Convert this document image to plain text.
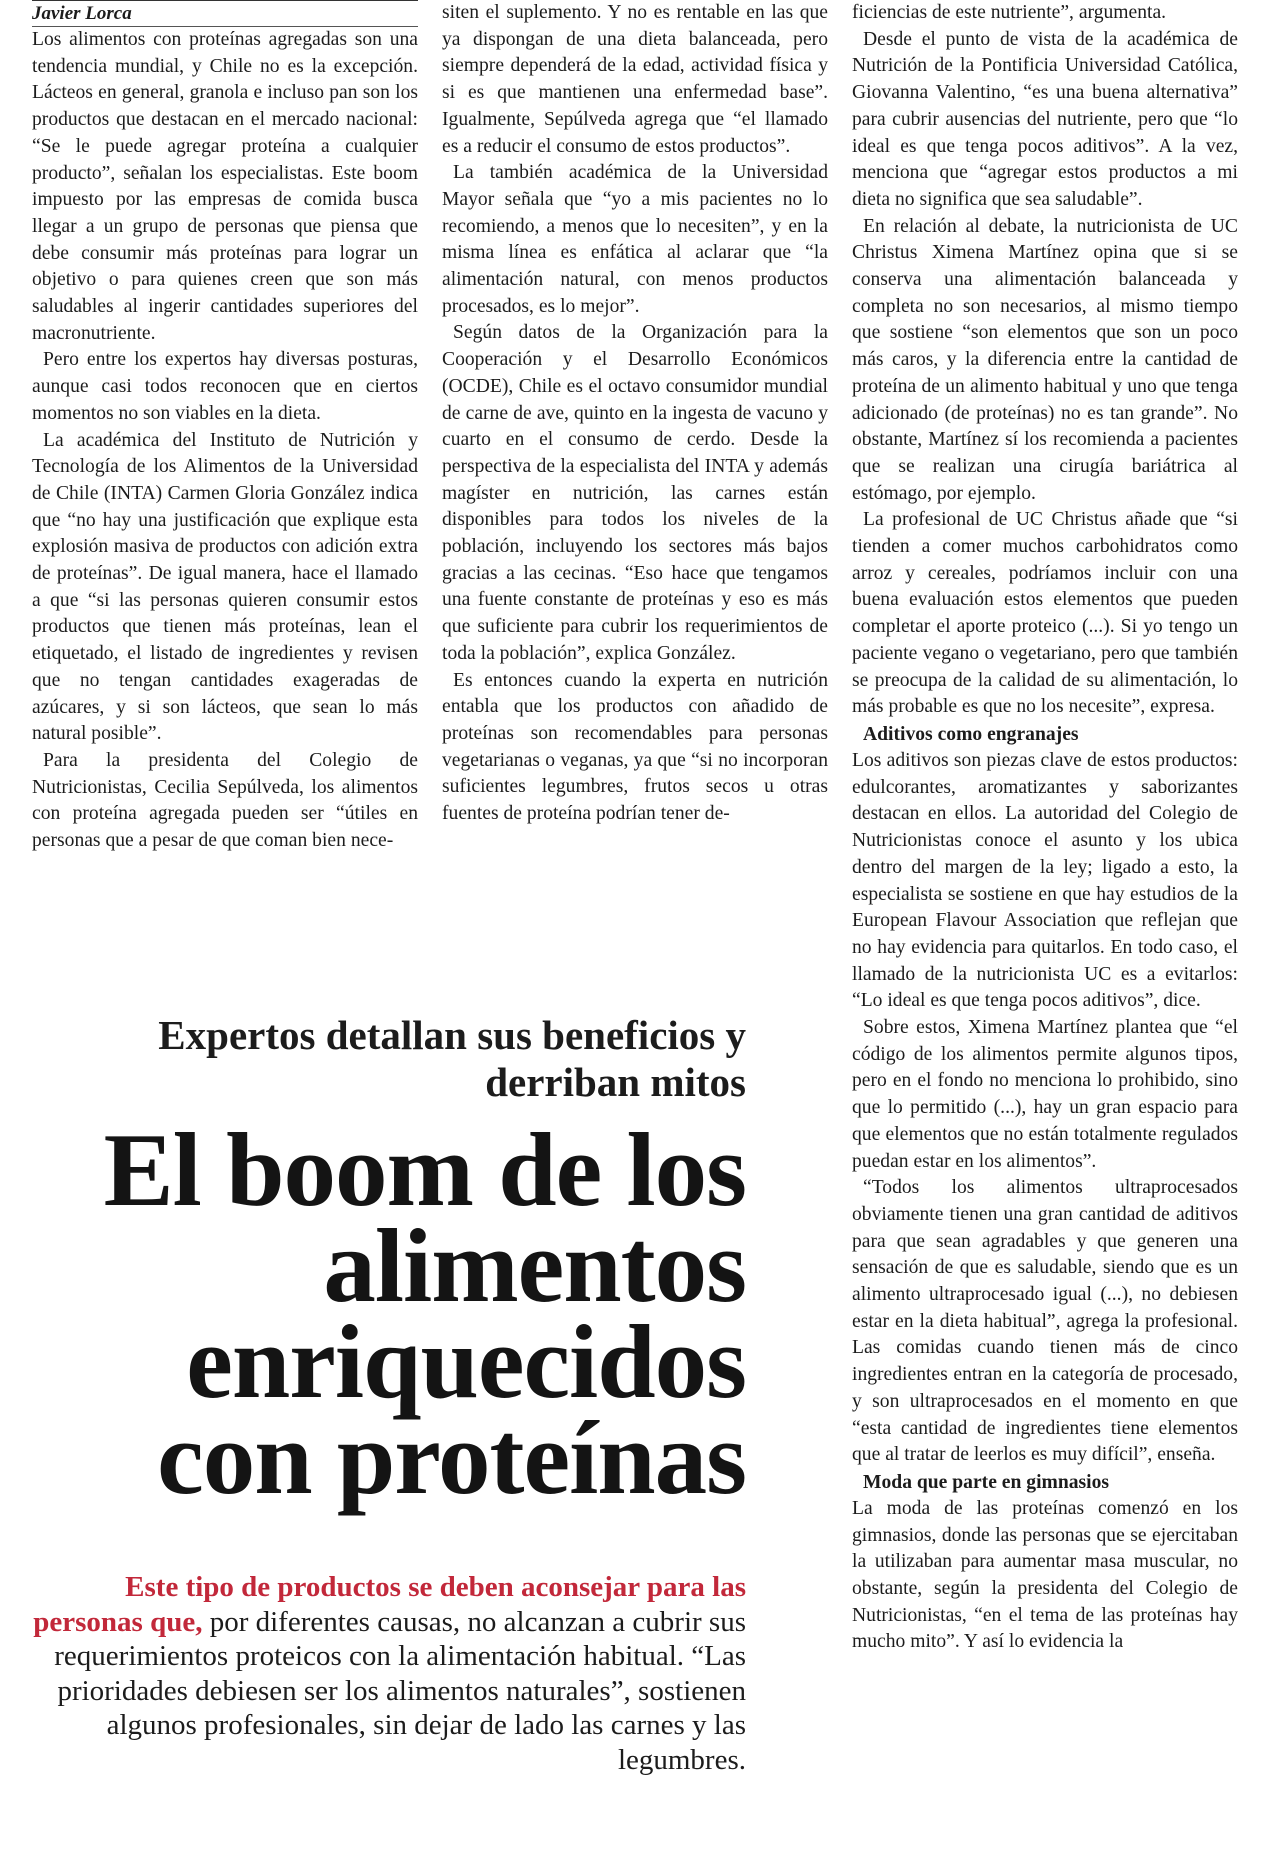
Javier Lorca

Los alimentos con proteínas agregadas son una tendencia mundial, y Chile no es la excepción. Lácteos en general, granola e incluso pan son los productos que destacan en el mercado nacional: “Se le puede agregar proteína a cualquier producto”, señalan los especialistas. Este boom impuesto por las empresas de comida busca llegar a un grupo de personas que piensa que debe consumir más proteínas para lograr un objetivo o para quienes creen que son más saludables al ingerir cantidades superiores del macronutriente.

Pero entre los expertos hay diversas posturas, aunque casi todos reconocen que en ciertos momentos no son viables en la dieta.

La académica del Instituto de Nutrición y Tecnología de los Alimentos de la Universidad de Chile (INTA) Carmen Gloria González indica que “no hay una justificación que explique esta explosión masiva de productos con adición extra de proteínas”. De igual manera, hace el llamado a que “si las personas quieren consumir estos productos que tienen más proteínas, lean el etiquetado, el listado de ingredientes y revisen que no tengan cantidades exageradas de azúcares, y si son lácteos, que sean lo más natural posible”.

Para la presidenta del Colegio de Nutricionistas, Cecilia Sepúlveda, los alimentos con proteína agregada pueden ser “útiles en personas que a pesar de que coman bien nece-

siten el suplemento. Y no es rentable en las que ya dispongan de una dieta balanceada, pero siempre dependerá de la edad, actividad física y si es que mantienen una enfermedad base”. Igualmente, Sepúlveda agrega que “el llamado es a reducir el consumo de estos productos”.

La también académica de la Universidad Mayor señala que “yo a mis pacientes no lo recomiendo, a menos que lo necesiten”, y en la misma línea es enfática al aclarar que “la alimentación natural, con menos productos procesados, es lo mejor”.

Según datos de la Organización para la Cooperación y el Desarrollo Económicos (OCDE), Chile es el octavo consumidor mundial de carne de ave, quinto en la ingesta de vacuno y cuarto en el consumo de cerdo. Desde la perspectiva de la especialista del INTA y además magíster en nutrición, las carnes están disponibles para todos los niveles de la población, incluyendo los sectores más bajos gracias a las cecinas. “Eso hace que tengamos una fuente constante de proteínas y eso es más que suficiente para cubrir los requerimientos de toda la población”, explica González.

Es entonces cuando la experta en nutrición entabla que los productos con añadido de proteínas son recomendables para personas vegetarianas o veganas, ya que “si no incorporan suficientes legumbres, frutos secos u otras fuentes de proteína podrían tener de-

ficiencias de este nutriente”, argumenta.

Desde el punto de vista de la académica de Nutrición de la Pontificia Universidad Católica, Giovanna Valentino, “es una buena alternativa” para cubrir ausencias del nutriente, pero que “lo ideal es que tenga pocos aditivos”. A la vez, menciona que “agregar estos productos a mi dieta no significa que sea saludable”.

En relación al debate, la nutricionista de UC Christus Ximena Martínez opina que si se conserva una alimentación balanceada y completa no son necesarios, al mismo tiempo que sostiene “son elementos que son un poco más caros, y la diferencia entre la cantidad de proteína de un alimento habitual y uno que tenga adicionado (de proteínas) no es tan grande”. No obstante, Martínez sí los recomienda a pacientes que se realizan una cirugía bariátrica al estómago, por ejemplo.

La profesional de UC Christus añade que “si tienden a comer muchos carbohidratos como arroz y cereales, podríamos incluir con una buena evaluación estos elementos que pueden completar el aporte proteico (...). Si yo tengo un paciente vegano o vegetariano, pero que también se preocupa de la calidad de su alimentación, lo más probable es que no los necesite”, expresa.

Aditivos como engranajes

Los aditivos son piezas clave de estos productos: edulcorantes, aromatizantes y saborizantes destacan en ellos. La autoridad del Colegio de Nutricionistas conoce el asunto y los ubica dentro del margen de la ley; ligado a esto, la especialista se sostiene en que hay estudios de la European Flavour Association que reflejan que no hay evidencia para quitarlos. En todo caso, el llamado de la nutricionista UC es a evitarlos: “Lo ideal es que tenga pocos aditivos”, dice.

Sobre estos, Ximena Martínez plantea que “el código de los alimentos permite algunos tipos, pero en el fondo no menciona lo prohibido, sino que lo permitido (...), hay un gran espacio para que elementos que no están totalmente regulados puedan estar en los alimentos”.

“Todos los alimentos ultraprocesados obviamente tienen una gran cantidad de aditivos para que sean agradables y que generen una sensación de que es saludable, siendo que es un alimento ultraprocesado igual (...), no debiesen estar en la dieta habitual”, agrega la profesional. Las comidas cuando tienen más de cinco ingredientes entran en la categoría de procesado, y son ultraprocesados en el momento en que “esta cantidad de ingredientes tiene elementos que al tratar de leerlos es muy difícil”, enseña.

Moda que parte en gimnasios

La moda de las proteínas comenzó en los gimnasios, donde las personas que se ejercitaban la utilizaban para aumentar masa muscular, no obstante, según la presidenta del Colegio de Nutricionistas, “en el tema de las proteínas hay mucho mito”. Y así lo evidencia la

Expertos detallan sus beneficios y derriban mitos
El boom de los alimentos enriquecidos con proteínas
Este tipo de productos se deben aconsejar para las personas que, por diferentes causas, no alcanzan a cubrir sus requerimientos proteicos con la alimentación habitual. “Las prioridades debiesen ser los alimentos naturales”, sostienen algunos profesionales, sin dejar de lado las carnes y las legumbres.
